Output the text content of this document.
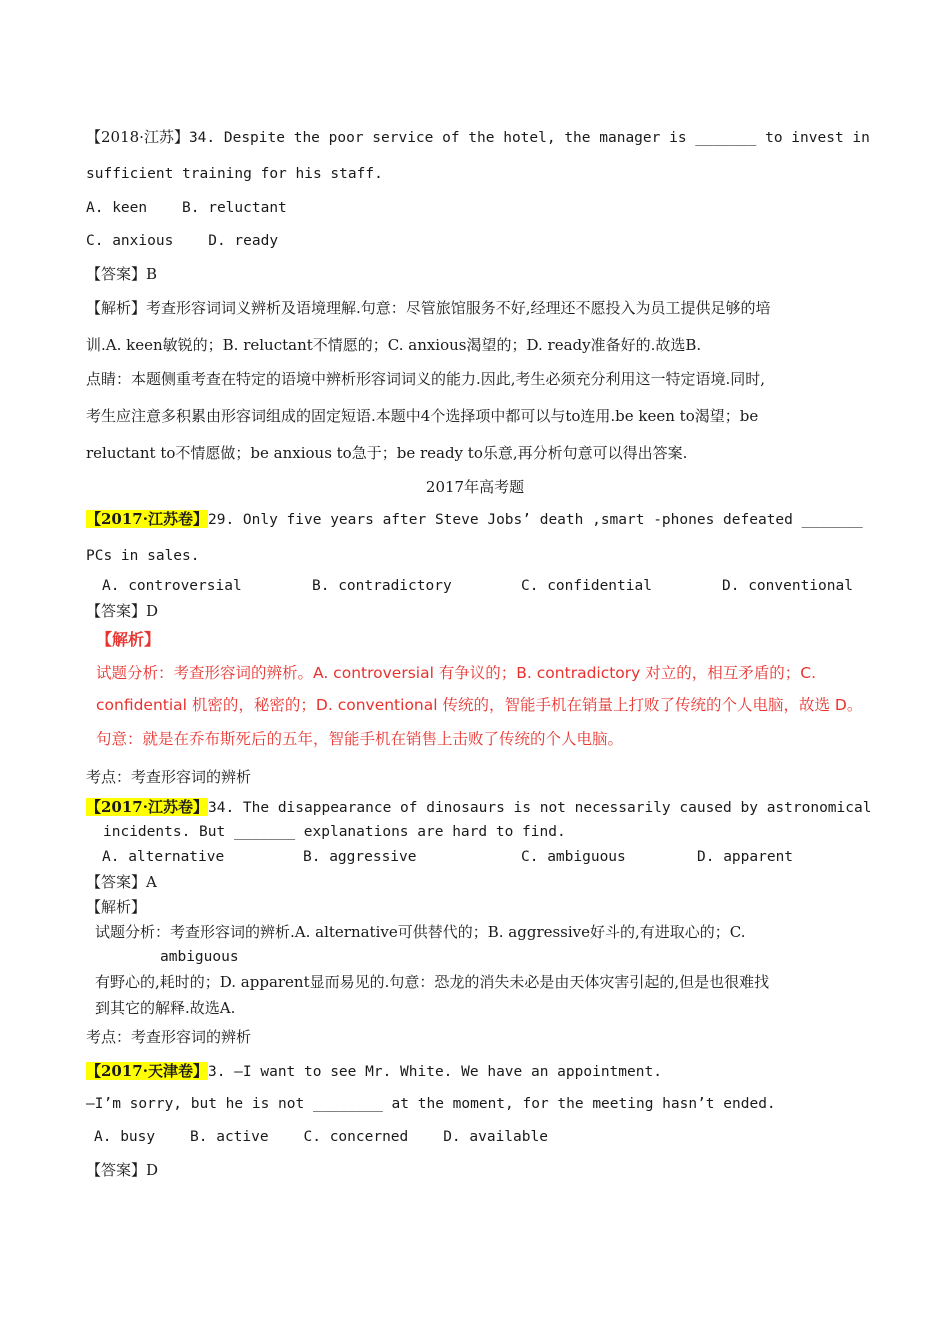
【2018·江苏】34. Despite the poor service of the hotel, the manager is _______ to invest in
sufficient training for his staff.
A. keen    B. reluctant
C. anxious    D. ready
【答案】B
【解析】考查形容词词义辨析及语境理解.句意：尽管旅馆服务不好,经理还不愿投入为员工提供足够的培
训.A. keen敏锐的；B. reluctant不情愿的；C. anxious渴望的；D. ready准备好的.故选B.
点睛：本题侧重考查在特定的语境中辨析形容词词义的能力.因此,考生必须充分利用这一特定语境.同时,
考生应注意多积累由形容词组成的固定短语.本题中4个选择项中都可以与to连用.be keen to渴望；be
reluctant to不情愿做；be anxious to急于；be ready to乐意,再分析句意可以得出答案.
2017年高考题
【2017·江苏卷】29. Only five years after Steve Jobs’ death ,smart -phones defeated _______
PCs in sales.
A. controversial	B. contradictory	C. confidential	D. conventional
【答案】D
【解析】
试题分析：考查形容词的辨析。A. controversial 有争议的；B. contradictory 对立的，相互矛盾的；C.
confidential 机密的，秘密的；D. conventional 传统的，智能手机在销量上打败了传统的个人电脑，故选 D。
句意：就是在乔布斯死后的五年，智能手机在销售上击败了传统的个人电脑。
考点：考查形容词的辨析
【2017·江苏卷】34. The disappearance of dinosaurs is not necessarily caused by astronomical
incidents. But _______ explanations are hard to find.
A. alternative	B. aggressive	C. ambiguous	D. apparent
【答案】A
【解析】
试题分析：考查形容词的辨析.A. alternative可供替代的；B. aggressive好斗的,有进取心的；C.
ambiguous
有野心的,耗时的；D. apparent显而易见的.句意：恐龙的消失未必是由天体灾害引起的,但是也很难找
到其它的解释.故选A.
考点：考查形容词的辨析
【2017·天津卷】3. —I want to see Mr. White. We have an appointment.
—I’m sorry, but he is not ________ at the moment, for the meeting hasn’t ended.
A. busy    B. active    C. concerned    D. available
【答案】D
